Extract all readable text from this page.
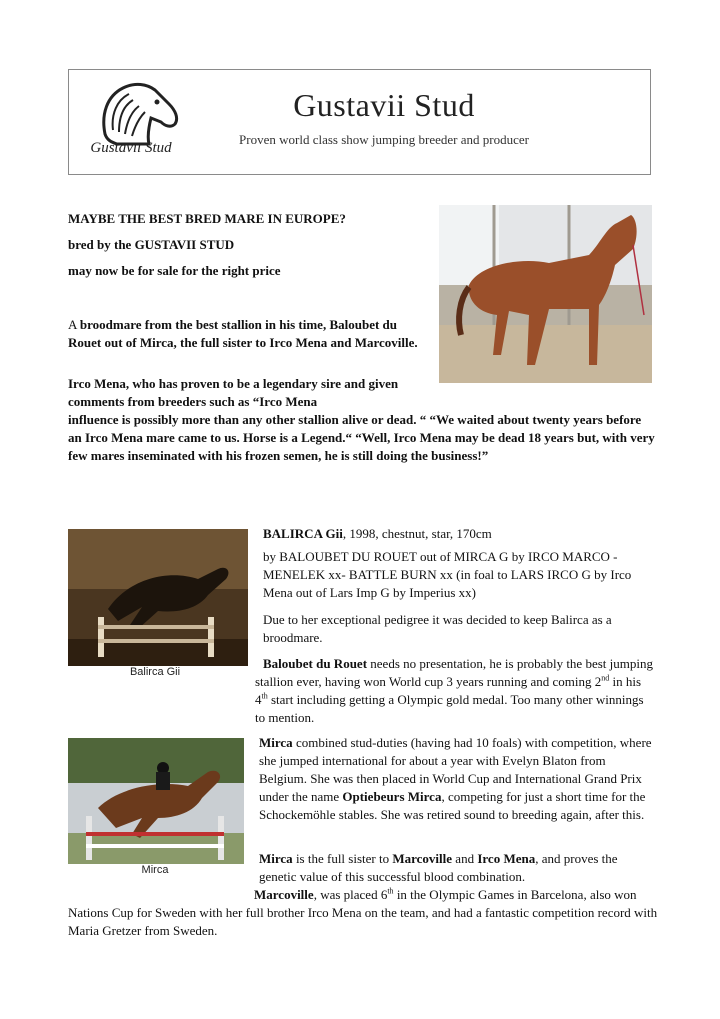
Gustavii Stud
Gustavii Stud
Proven world class show jumping breeder and producer

MAYBE THE BEST BRED MARE IN EUROPE?

bred by the GUSTAVII STUD

may now be for sale for the right price

A broodmare from the best stallion in his time, Baloubet du Rouet out of Mirca, the full sister to Irco Mena and Marcoville.

Irco Mena, who has proven to be a legendary sire and given comments from breeders such as “Irco Mena

influence is possibly more than any other stallion alive or dead. “ “We waited about twenty years before an Irco Mena mare came to us. Horse is a Legend.“ “Well, Irco Mena may be dead 18 years but, with very few mares inseminated with his frozen semen, he is still doing the business!”

Balirca Gii

BALIRCA Gii, 1998, chestnut, star, 170cm

by BALOUBET DU ROUET out of MIRCA G by IRCO MARCO - MENELEK xx- BATTLE BURN xx (in foal to LARS IRCO G by Irco Mena out of Lars Imp G by Imperius xx)

Due to her exceptional pedigree it was decided to keep Balirca as a broodmare.

Baloubet du Rouet needs no presentation, he is probably the best jumping stallion ever, having won World cup 3 years running and coming 2nd in his 4th start including getting a Olympic gold medal. Too many other winnings to mention.

Mirca

Mirca combined stud-duties (having had 10 foals) with competition, where she jumped international for about a year with Evelyn Blaton from Belgium. She was then placed in World Cup and International Grand Prix under the name Optiebeurs Mirca, competing for just a short time for the Schockemöhle stables. She was retired sound to breeding again, after this.

Mirca is the full sister to Marcoville and Irco Mena, and proves the genetic value of this successful blood combination.

Marcoville, was placed 6th in the Olympic Games in Barcelona, also won Nations Cup for Sweden with her full brother Irco Mena on the team, and had a fantastic competition record with Maria Gretzer from Sweden.
